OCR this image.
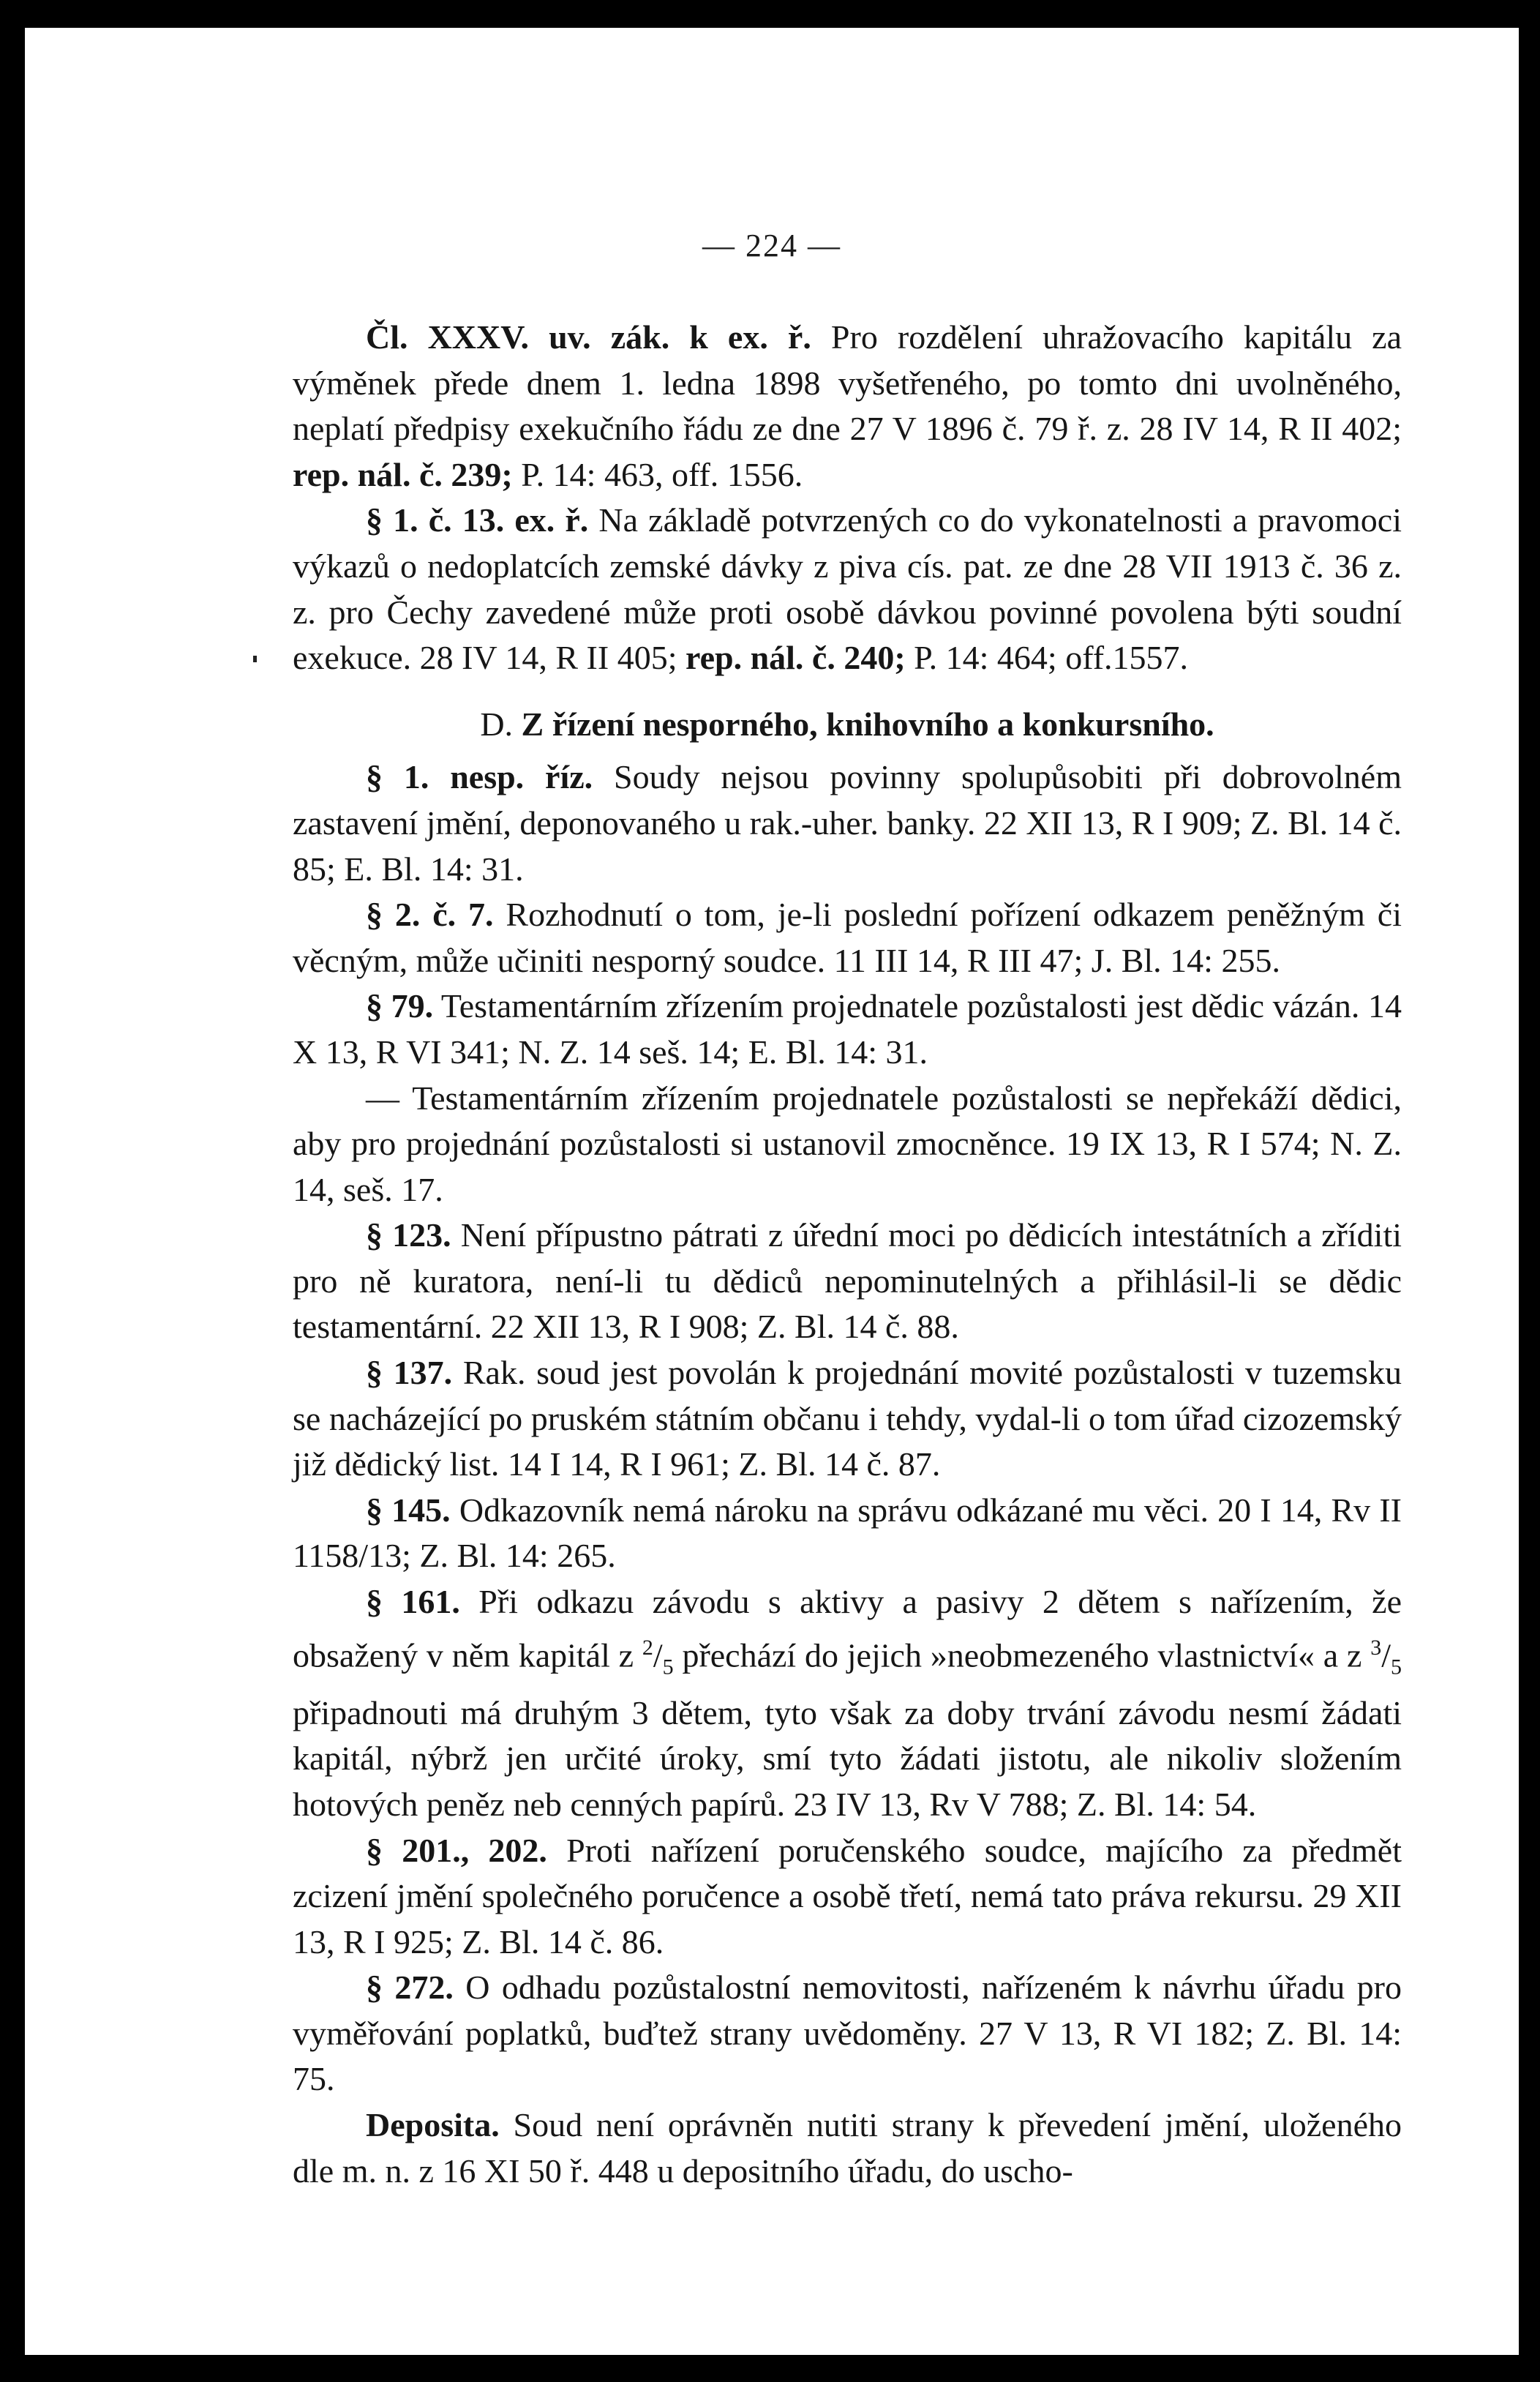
— 224 —

Čl. XXXV. uv. zák. k ex. ř. Pro rozdělení uhražovacího kapitálu za výměnek přede dnem 1. ledna 1898 vyšetřeného, po tomto dni uvolněného, neplatí předpisy exekučního řádu ze dne 27 V 1896 č. 79 ř. z. 28 IV 14, R II 402; rep. nál. č. 239; P. 14: 463, off. 1556.

§ 1. č. 13. ex. ř. Na základě potvrzených co do vykonatelnosti a pravomoci výkazů o nedoplatcích zemské dávky z piva cís. pat. ze dne 28 VII 1913 č. 36 z. z. pro Čechy zavedené může proti osobě dávkou povinné povolena býti soudní exekuce. 28 IV 14, R II 405; rep. nál. č. 240; P. 14: 464; off.1557.

D. Z řízení nesporného, knihovního a konkursního.

§ 1. nesp. říz. Soudy nejsou povinny spolupůsobiti při dobrovolném zastavení jmění, deponovaného u rak.-uher. banky. 22 XII 13, R I 909; Z. Bl. 14 č. 85; E. Bl. 14: 31.

§ 2. č. 7. Rozhodnutí o tom, je-li poslední pořízení odkazem peněžným či věcným, může učiniti nesporný soudce. 11 III 14, R III 47; J. Bl. 14: 255.

§ 79. Testamentárním zřízením projednatele pozůstalosti jest dědic vázán. 14 X 13, R VI 341; N. Z. 14 seš. 14; E. Bl. 14: 31.

— Testamentárním zřízením projednatele pozůstalosti se nepřekáží dědici, aby pro projednání pozůstalosti si ustanovil zmocněnce. 19 IX 13, R I 574; N. Z. 14, seš. 17.

§ 123. Není přípustno pátrati z úřední moci po dědicích intestátních a zříditi pro ně kuratora, není-li tu dědiců nepominutelných a přihlásil-li se dědic testamentární. 22 XII 13, R I 908; Z. Bl. 14 č. 88.

§ 137. Rak. soud jest povolán k projednání movité pozůstalosti v tuzemsku se nacházející po pruském státním občanu i tehdy, vydal-li o tom úřad cizozemský již dědický list. 14 I 14, R I 961; Z. Bl. 14 č. 87.

§ 145. Odkazovník nemá nároku na správu odkázané mu věci. 20 I 14, Rv II 1158/13; Z. Bl. 14: 265.

§ 161. Při odkazu závodu s aktivy a pasivy 2 dětem s nařízením, že obsažený v něm kapitál z $^2/_5$ přechází do jejich »neobmezeného vlastnictví« a z $^3/_5$ připadnouti má druhým 3 dětem, tyto však za doby trvání závodu nesmí žádati kapitál, nýbrž jen určité úroky, smí tyto žádati jistotu, ale nikoliv složením hotových peněz neb cenných papírů. 23 IV 13, Rv V 788; Z. Bl. 14: 54.

§ 201., 202. Proti nařízení poručenského soudce, majícího za předmět zcizení jmění společného poručence a osobě třetí, nemá tato práva rekursu. 29 XII 13, R I 925; Z. Bl. 14 č. 86.

§ 272. O odhadu pozůstalostní nemovitosti, nařízeném k návrhu úřadu pro vyměřování poplatků, buďtež strany uvědoměny. 27 V 13, R VI 182; Z. Bl. 14: 75.

Deposita. Soud není oprávněn nutiti strany k převedení jmění, uloženého dle m. n. z 16 XI 50 ř. 448 u depositního úřadu, do uscho-
